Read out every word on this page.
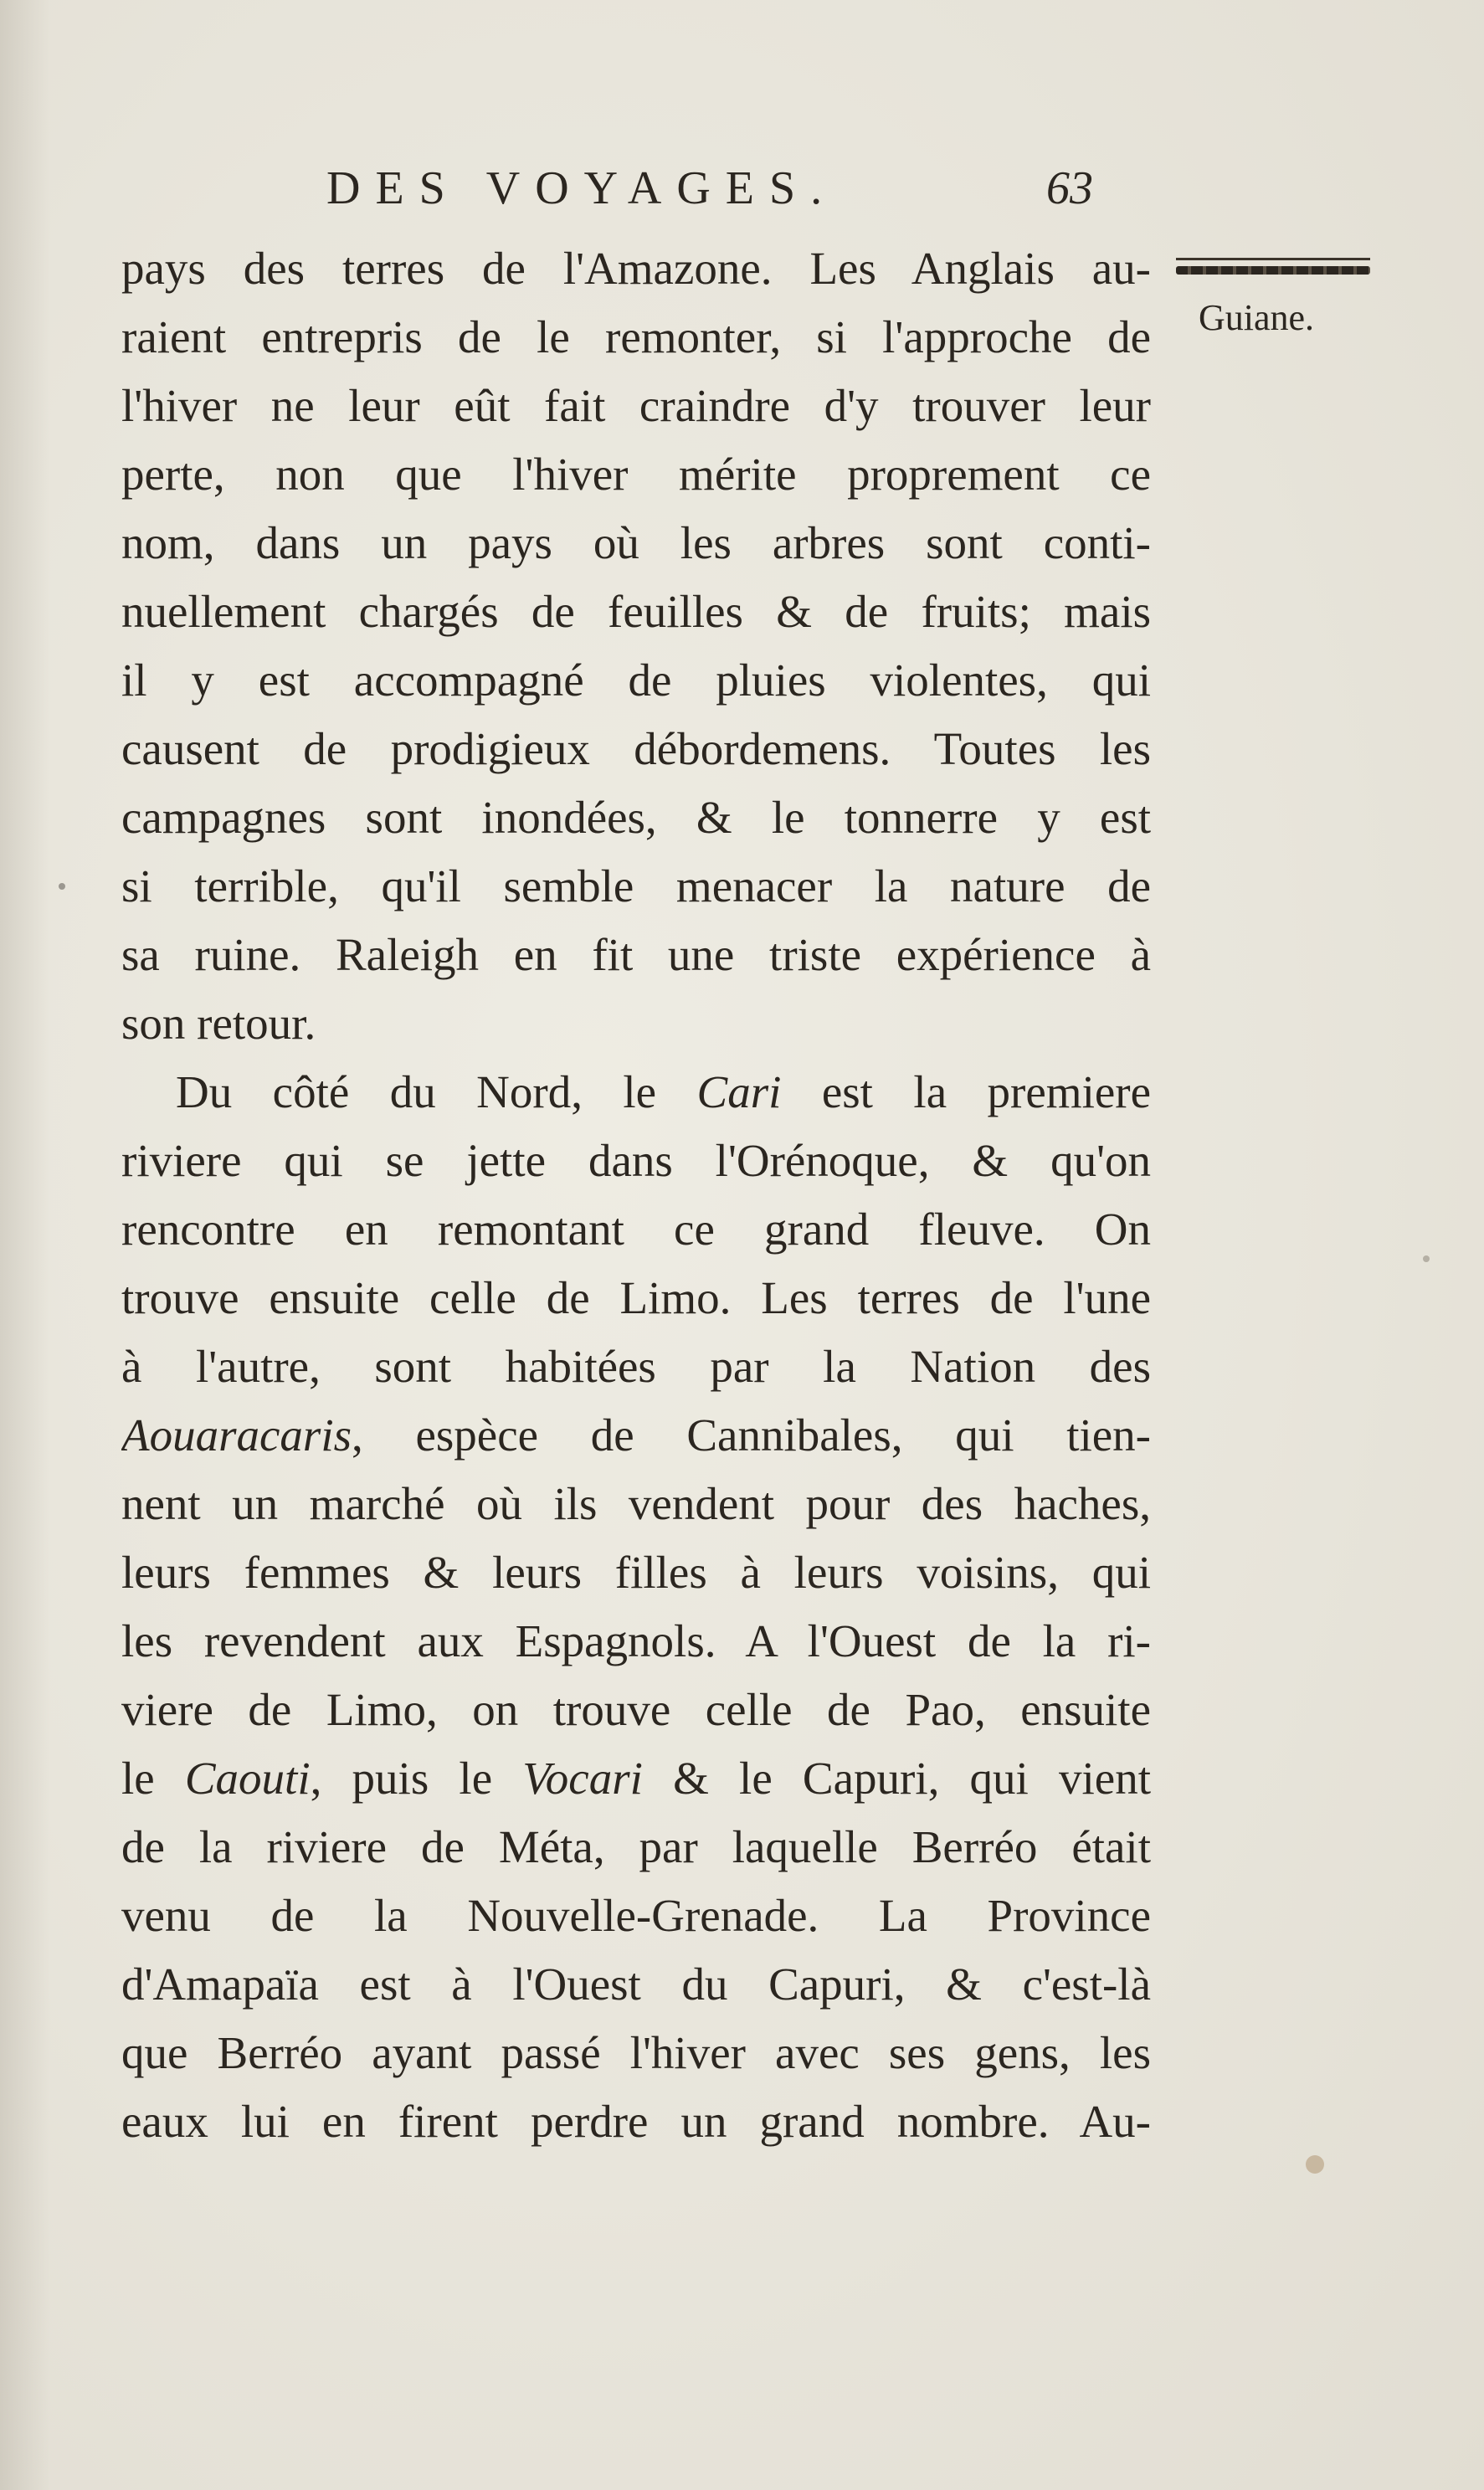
DES VOYAGES.	63
Guiane.
pays des terres de l'Amazone. Les Anglais au-
raient entrepris de le remonter, si l'approche de
l'hiver ne leur eût fait craindre d'y trouver leur
perte, non que l'hiver mérite proprement ce
nom, dans un pays où les arbres sont conti-
nuellement chargés de feuilles & de fruits; mais
il y est accompagné de pluies violentes, qui
causent de prodigieux débordemens. Toutes les
campagnes sont inondées, & le tonnerre y est
si terrible, qu'il semble menacer la nature de
sa ruine. Raleigh en fit une triste expérience à
son retour.
Du côté du Nord, le Cari est la premiere
riviere qui se jette dans l'Orénoque, & qu'on
rencontre en remontant ce grand fleuve. On
trouve ensuite celle de Limo. Les terres de l'une
à l'autre, sont habitées par la Nation des
Aouaracaris, espèce de Cannibales, qui tien-
nent un marché où ils vendent pour des haches,
leurs femmes & leurs filles à leurs voisins, qui
les revendent aux Espagnols. A l'Ouest de la ri-
viere de Limo, on trouve celle de Pao, ensuite
le Caouti, puis le Vocari & le Capuri, qui vient
de la riviere de Méta, par laquelle Berréo était
venu de la Nouvelle-Grenade. La Province
d'Amapaïa est à l'Ouest du Capuri, & c'est-là
que Berréo ayant passé l'hiver avec ses gens, les
eaux lui en firent perdre un grand nombre. Au-
